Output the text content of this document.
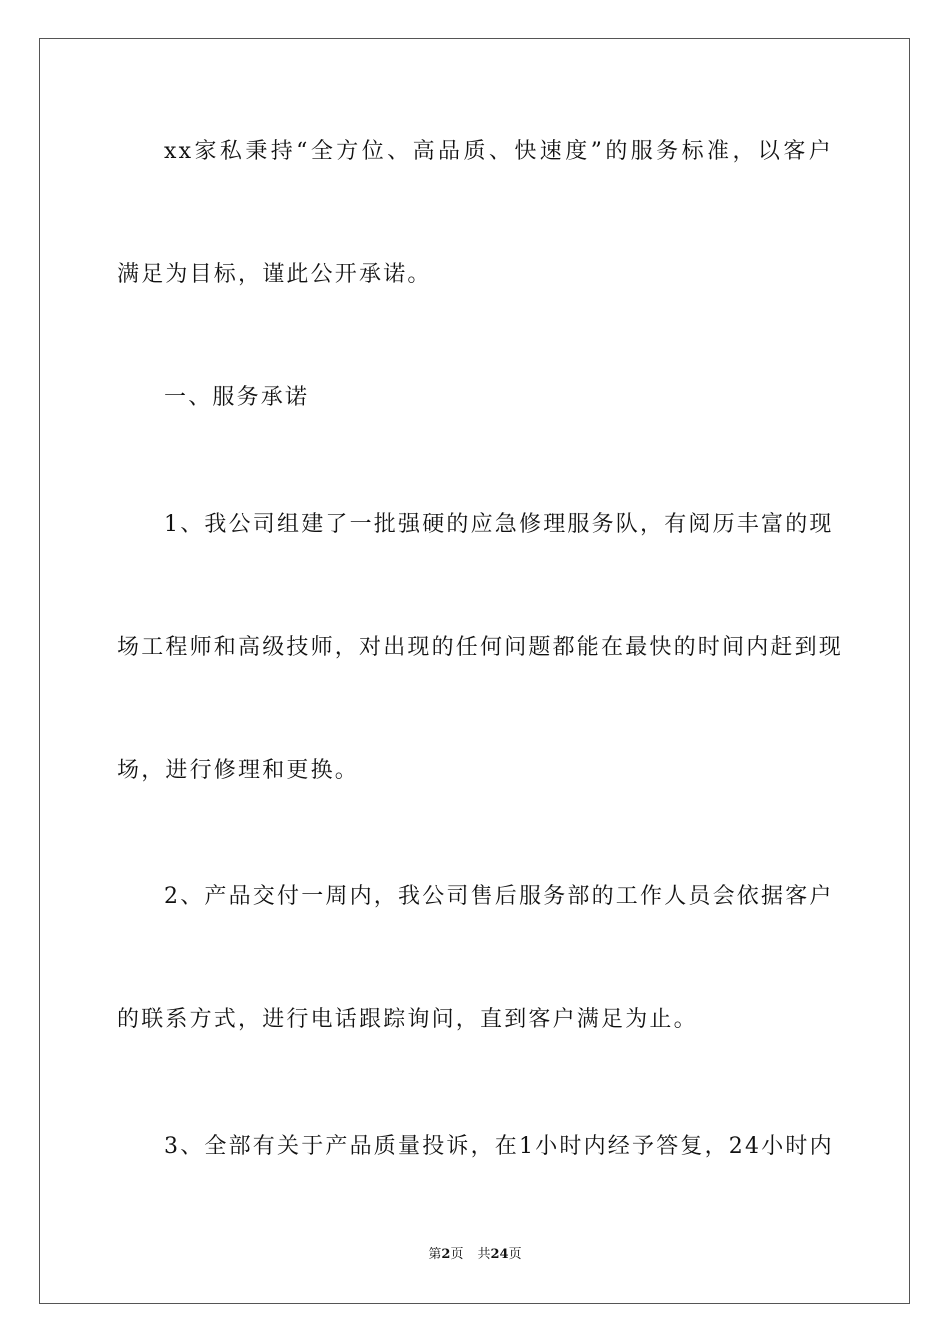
xx家私秉持“全方位、高品质、快速度”的服务标准，以客户
满足为目标，谨此公开承诺。
一、服务承诺
1、我公司组建了一批强硬的应急修理服务队，有阅历丰富的现
场工程师和高级技师，对出现的任何问题都能在最快的时间内赶到现
场，进行修理和更换。
2、产品交付一周内，我公司售后服务部的工作人员会依据客户
的联系方式，进行电话跟踪询问，直到客户满足为止。
3、全部有关于产品质量投诉，在1小时内经予答复，24小时内
第2页 共24页
